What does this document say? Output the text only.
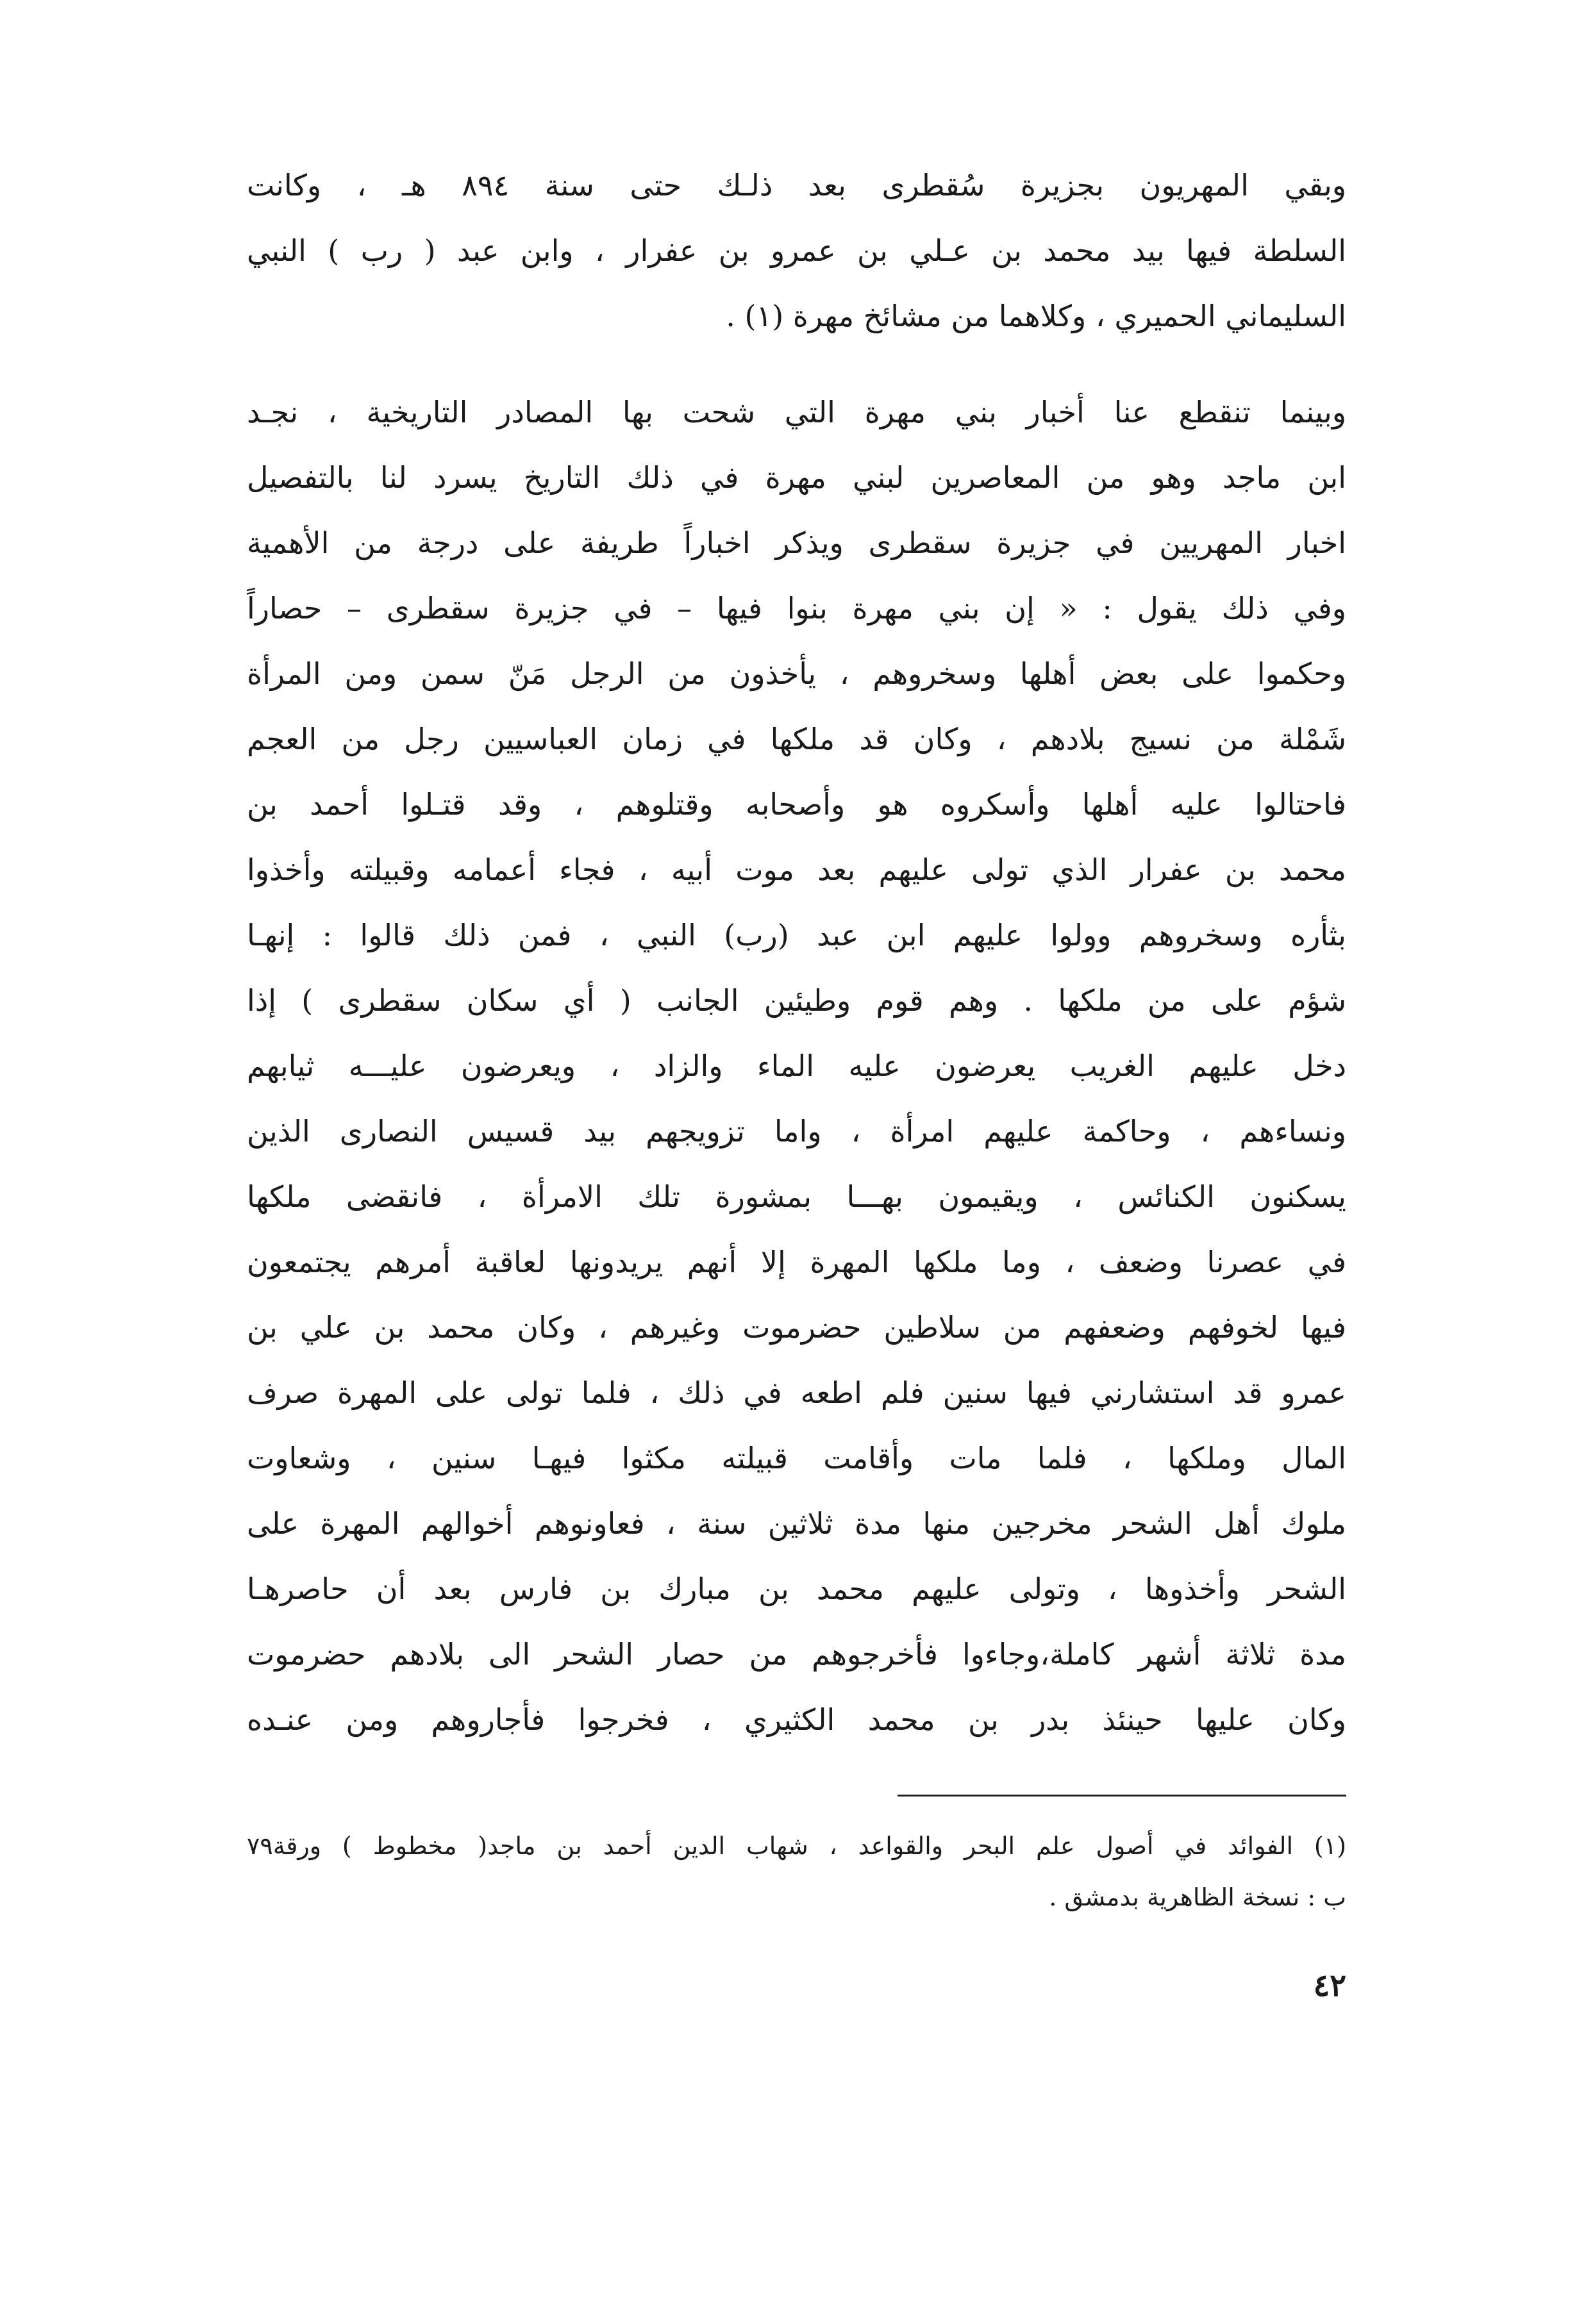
وبقي المهريون بجزيرة سُقطرى بعد ذلـك حتى سنة ٨٩٤ هـ ، وكانت
السلطة فيها بيد محمد بن عـلي بن عمرو بن عفرار ، وابن عبد ( رب ) النبي
السليماني الحميري ، وكلاهما من مشائخ مهرة (١) .
وبينما تنقطع عنا أخبار بني مهرة التي شحت بها المصادر التاريخية ، نجـد
ابن ماجد وهو من المعاصرين لبني مهرة في ذلك التاريخ يسرد لنا بالتفصيل
اخبار المهريين في جزيرة سقطرى ويذكر اخباراً طريفة على درجة من الأهمية
وفي ذلك يقول : « إن بني مهرة بنوا فيها – في جزيرة سقطرى – حصاراً
وحكموا على بعض أهلها وسخروهم ، يأخذون من الرجل مَنّ سمن ومن المرأة
شَمْلة من نسيج بلادهم ، وكان قد ملكها في زمان العباسيين رجل من العجم
فاحتالوا عليه أهلها وأسكروه هو وأصحابه وقتلوهم ، وقد قتـلوا أحمد بن
محمد بن عفرار الذي تولى عليهم بعد موت أبيه ، فجاء أعمامه وقبيلته وأخذوا
بثأره وسخروهم وولوا عليهم ابن عبد (رب) النبي ، فمن ذلك قالوا : إنهـا
شؤم على من ملكها . وهم قوم وطيئين الجانب ( أي سكان سقطرى ) إذا
دخل عليهم الغريب يعرضون عليه الماء والزاد ، ويعرضون عليـــه ثيابهم
ونساءهم ، وحاكمة عليهم امرأة ، واما تزويجهم بيد قسيس النصارى الذين
يسكنون الكنائس ، ويقيمون بهـــا بمشورة تلك الامرأة ، فانقضى ملكها
في عصرنا وضعف ، وما ملكها المهرة إلا أنهم يريدونها لعاقبة أمرهم يجتمعون
فيها لخوفهم وضعفهم من سلاطين حضرموت وغيرهم ، وكان محمد بن علي بن
عمرو قد استشارني فيها سنين فلم اطعه في ذلك ، فلما تولى على المهرة صرف
المال وملكها ، فلما مات وأقامت قبيلته مكثوا فيهـا سنين ، وشعاوت
ملوك أهل الشحر مخرجين منها مدة ثلاثين سنة ، فعاونوهم أخوالهم المهرة على
الشحر وأخذوها ، وتولى عليهم محمد بن مبارك بن فارس بعد أن حاصرهـا
مدة ثلاثة أشهر كاملة،وجاءوا فأخرجوهم من حصار الشحر الى بلادهم حضرموت
وكان عليها حينئذ بدر بن محمد الكثيري ، فخرجوا فأجاروهم ومن عنـده
(١) الفوائد في أصول علم البحر والقواعد ، شهاب الدين أحمد بن ماجد( مخطوط ) ورقة٧٩
ب : نسخة الظاهرية بدمشق .
٤٢
